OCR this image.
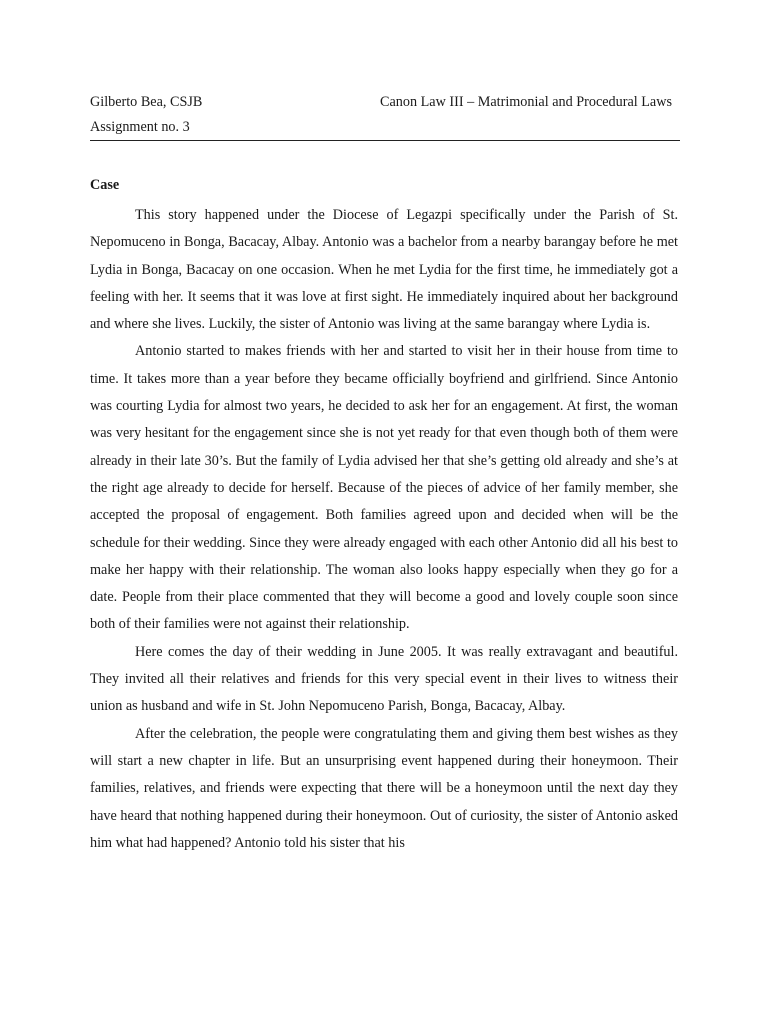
Gilberto Bea, CSJB	Canon Law III – Matrimonial and Procedural Laws
Assignment no. 3
Case

This story happened under the Diocese of Legazpi specifically under the Parish of St. Nepomuceno in Bonga, Bacacay, Albay. Antonio was a bachelor from a nearby barangay before he met Lydia in Bonga, Bacacay on one occasion. When he met Lydia for the first time, he immediately got a feeling with her. It seems that it was love at first sight. He immediately inquired about her background and where she lives. Luckily, the sister of Antonio was living at the same barangay where Lydia is.

Antonio started to makes friends with her and started to visit her in their house from time to time. It takes more than a year before they became officially boyfriend and girlfriend. Since Antonio was courting Lydia for almost two years, he decided to ask her for an engagement. At first, the woman was very hesitant for the engagement since she is not yet ready for that even though both of them were already in their late 30’s. But the family of Lydia advised her that she’s getting old already and she’s at the right age already to decide for herself. Because of the pieces of advice of her family member, she accepted the proposal of engagement. Both families agreed upon and decided when will be the schedule for their wedding. Since they were already engaged with each other Antonio did all his best to make her happy with their relationship. The woman also looks happy especially when they go for a date. People from their place commented that they will become a good and lovely couple soon since both of their families were not against their relationship.

Here comes the day of their wedding in June 2005. It was really extravagant and beautiful. They invited all their relatives and friends for this very special event in their lives to witness their union as husband and wife in St. John Nepomuceno Parish, Bonga, Bacacay, Albay.

After the celebration, the people were congratulating them and giving them best wishes as they will start a new chapter in life. But an unsurprising event happened during their honeymoon. Their families, relatives, and friends were expecting that there will be a honeymoon until the next day they have heard that nothing happened during their honeymoon. Out of curiosity, the sister of Antonio asked him what had happened? Antonio told his sister that his
